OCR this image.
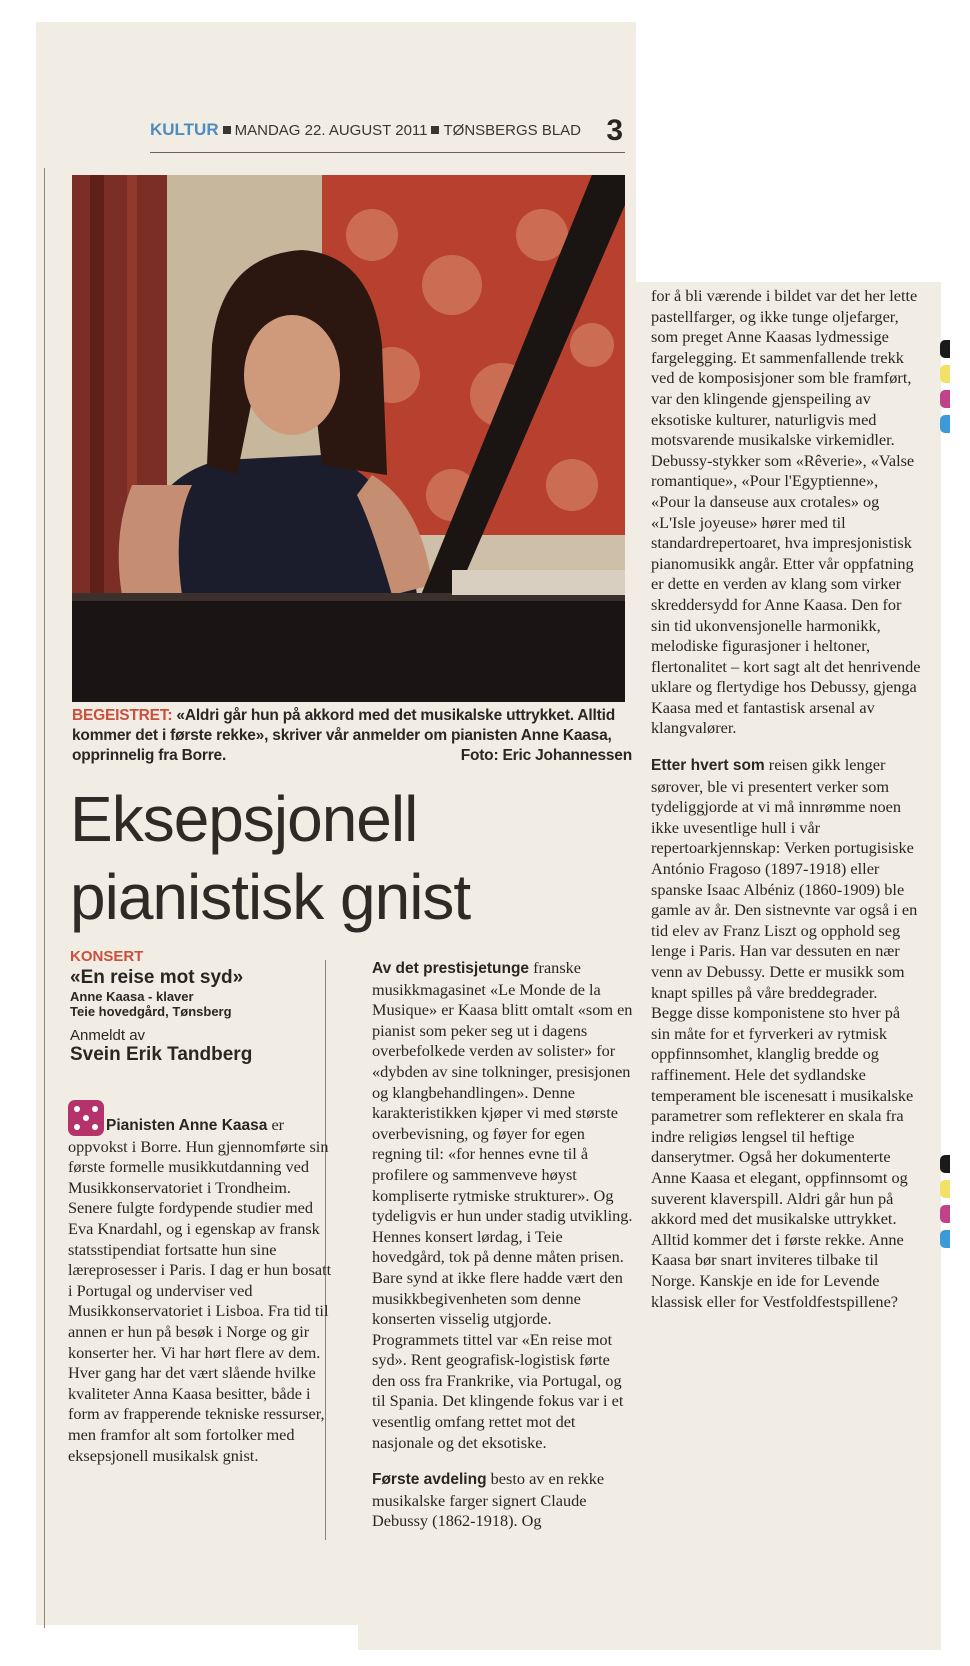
KULTUR MANDAG 22. AUGUST 2011 TØNSBERGS BLAD 3
BEGEISTRET: «Aldri går hun på akkord med det musikalske uttrykket. Alltid kommer det i første rekke», skriver vår anmelder om pianisten Anne Kaasa, opprinnelig fra Borre.	Foto: Eric Johannessen
Eksepsjonell
pianistisk gnist
KONSERT
«En reise mot syd»
Anne Kaasa - klaver
Teie hovedgård, Tønsberg
Anmeldt av
Svein Erik Tandberg

Pianisten Anne Kaasa er oppvokst i Borre. Hun gjennomførte sin første formelle musikkutdanning ved Musikkonservatoriet i Trondheim. Senere fulgte fordypende studier med Eva Knardahl, og i egenskap av fransk statsstipendiat fortsatte hun sine læreprosesser i Paris. I dag er hun bosatt i Portugal og underviser ved Musikkonservatoriet i Lisboa. Fra tid til annen er hun på besøk i Norge og gir konserter her. Vi har hørt flere av dem. Hver gang har det vært slående hvilke kvaliteter Anna Kaasa besitter, både i form av frapperende tekniske ressurser, men framfor alt som fortolker med eksepsjonell musikalsk gnist.

Av det prestisjetunge franske musikkmagasinet «Le Monde de la Musique» er Kaasa blitt omtalt «som en pianist som peker seg ut i dagens overbefolkede verden av solister» for «dybden av sine tolkninger, presisjonen og klangbehandlingen». Denne karakteristikken kjøper vi med største overbevisning, og føyer for egen regning til: «for hennes evne til å profilere og sammenveve høyst kompliserte rytmiske strukturer». Og tydeligvis er hun under stadig utvikling. Hennes konsert lørdag, i Teie hovedgård, tok på denne måten prisen. Bare synd at ikke flere hadde vært den musikkbegivenheten som denne konserten visselig utgjorde. Programmets tittel var «En reise mot syd». Rent geografisk-logistisk førte den oss fra Frankrike, via Portugal, og til Spania. Det klingende fokus var i et vesentlig omfang rettet mot det nasjonale og det eksotiske.

Første avdeling besto av en rekke musikalske farger signert Claude Debussy (1862-1918). Og

for å bli værende i bildet var det her lette pastellfarger, og ikke tunge oljefarger, som preget Anne Kaasas lydmessige fargelegging. Et sammenfallende trekk ved de komposisjoner som ble framført, var den klingende gjenspeiling av eksotiske kulturer, naturligvis med motsvarende musikalske virkemidler. Debussy-stykker som «Rêverie», «Valse romantique», «Pour l'Egyptienne», «Pour la danseuse aux crotales» og «L'Isle joyeuse» hører med til standardrepertoaret, hva impresjonistisk pianomusikk angår. Etter vår oppfatning er dette en verden av klang som virker skreddersydd for Anne Kaasa. Den for sin tid ukonvensjonelle harmonikk, melodiske figurasjoner i heltoner, flertonalitet – kort sagt alt det henrivende uklare og flertydige hos Debussy, gjenga Kaasa med et fantastisk arsenal av klangvalører.

Etter hvert som reisen gikk lenger sørover, ble vi presentert verker som tydeliggjorde at vi må innrømme noen ikke uvesentlige hull i vår repertoarkjennskap: Verken portugisiske António Fragoso (1897-1918) eller spanske Isaac Albéniz (1860-1909) ble gamle av år. Den sistnevnte var også i en tid elev av Franz Liszt og opphold seg lenge i Paris. Han var dessuten en nær venn av Debussy. Dette er musikk som knapt spilles på våre breddegrader. Begge disse komponistene sto hver på sin måte for et fyrverkeri av rytmisk oppfinnsomhet, klanglig bredde og raffinement. Hele det sydlandske temperament ble iscenesatt i musikalske parametrer som reflekterer en skala fra indre religiøs lengsel til heftige danserytmer. Også her dokumenterte Anne Kaasa et elegant, oppfinnsomt og suverent klaverspill. Aldri går hun på akkord med det musikalske uttrykket. Alltid kommer det i første rekke. Anne Kaasa bør snart inviteres tilbake til Norge. Kanskje en ide for Levende klassisk eller for Vestfoldfestspillene?
